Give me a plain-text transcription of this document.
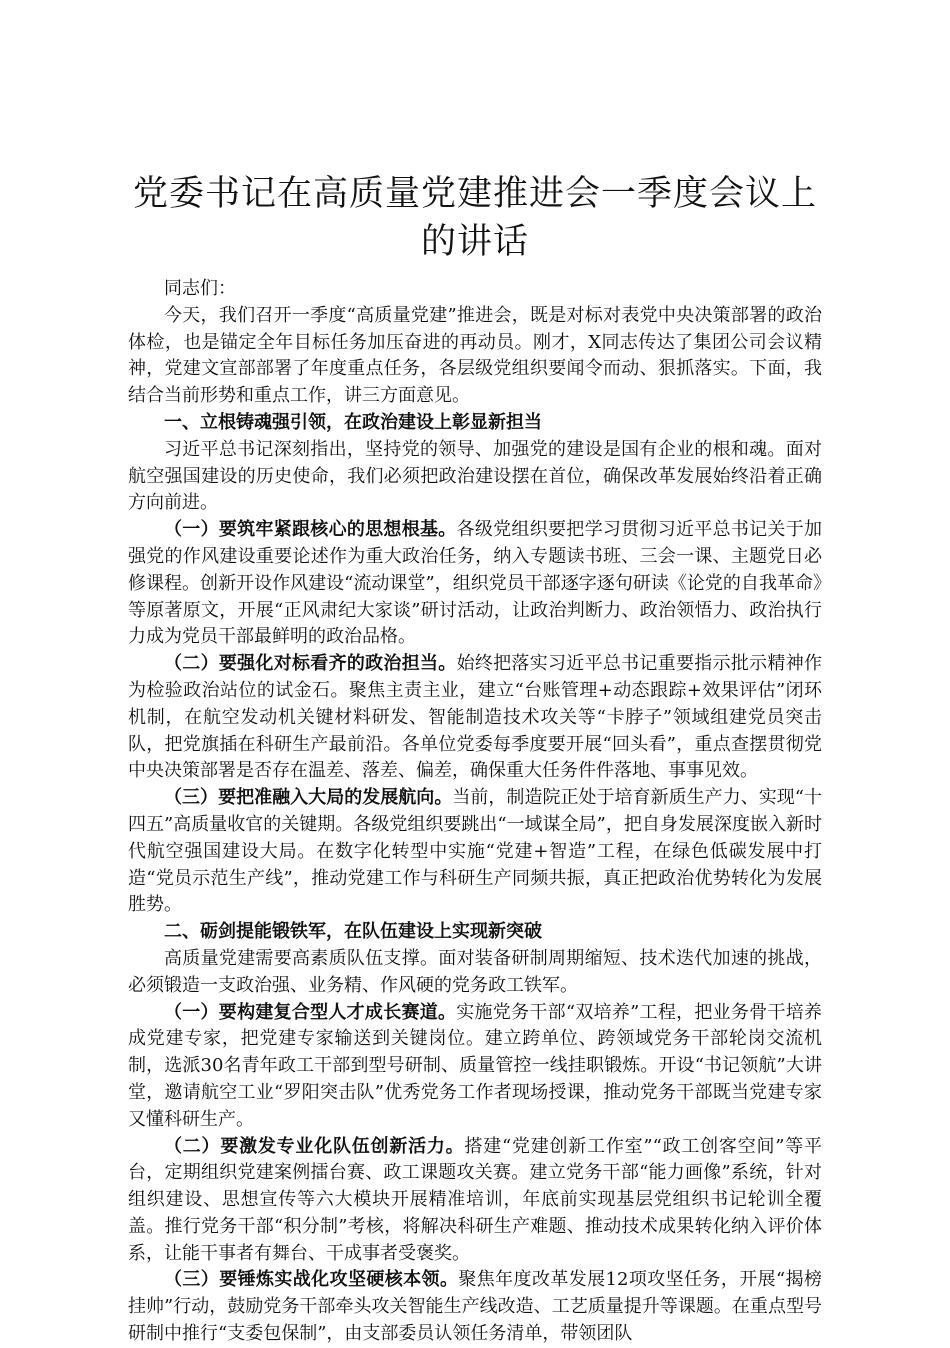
党委书记在高质量党建推进会一季度会议上的讲话

同志们：

今天，我们召开一季度“高质量党建”推进会，既是对标对表党中央决策部署的政治体检，也是锚定全年目标任务加压奋进的再动员。刚才，X同志传达了集团公司会议精神，党建文宣部部署了年度重点任务，各层级党组织要闻令而动、狠抓落实。下面，我结合当前形势和重点工作，讲三方面意见。

一、立根铸魂强引领，在政治建设上彰显新担当

习近平总书记深刻指出，坚持党的领导、加强党的建设是国有企业的根和魂。面对航空强国建设的历史使命，我们必须把政治建设摆在首位，确保改革发展始终沿着正确方向前进。

（一）要筑牢紧跟核心的思想根基。各级党组织要把学习贯彻习近平总书记关于加强党的作风建设重要论述作为重大政治任务，纳入专题读书班、三会一课、主题党日必修课程。创新开设作风建设“流动课堂”，组织党员干部逐字逐句研读《论党的自我革命》等原著原文，开展“正风肃纪大家谈”研讨活动，让政治判断力、政治领悟力、政治执行力成为党员干部最鲜明的政治品格。

（二）要强化对标看齐的政治担当。始终把落实习近平总书记重要指示批示精神作为检验政治站位的试金石。聚焦主责主业，建立“台账管理+动态跟踪+效果评估”闭环机制，在航空发动机关键材料研发、智能制造技术攻关等“卡脖子”领域组建党员突击队，把党旗插在科研生产最前沿。各单位党委每季度要开展“回头看”，重点查摆贯彻党中央决策部署是否存在温差、落差、偏差，确保重大任务件件落地、事事见效。

（三）要把准融入大局的发展航向。当前，制造院正处于培育新质生产力、实现“十四五”高质量收官的关键期。各级党组织要跳出“一域谋全局”，把自身发展深度嵌入新时代航空强国建设大局。在数字化转型中实施“党建+智造”工程，在绿色低碳发展中打造“党员示范生产线”，推动党建工作与科研生产同频共振，真正把政治优势转化为发展胜势。

二、砺剑提能锻铁军，在队伍建设上实现新突破

高质量党建需要高素质队伍支撑。面对装备研制周期缩短、技术迭代加速的挑战，必须锻造一支政治强、业务精、作风硬的党务政工铁军。

（一）要构建复合型人才成长赛道。实施党务干部“双培养”工程，把业务骨干培养成党建专家，把党建专家输送到关键岗位。建立跨单位、跨领域党务干部轮岗交流机制，选派30名青年政工干部到型号研制、质量管控一线挂职锻炼。开设“书记领航”大讲堂，邀请航空工业“罗阳突击队”优秀党务工作者现场授课，推动党务干部既当党建专家又懂科研生产。

（二）要激发专业化队伍创新活力。搭建“党建创新工作室”“政工创客空间”等平台，定期组织党建案例擂台赛、政工课题攻关赛。建立党务干部“能力画像”系统，针对组织建设、思想宣传等六大模块开展精准培训，年底前实现基层党组织书记轮训全覆盖。推行党务干部“积分制”考核，将解决科研生产难题、推动技术成果转化纳入评价体系，让能干事者有舞台、干成事者受褒奖。

（三）要锤炼实战化攻坚硬核本领。聚焦年度改革发展12项攻坚任务，开展“揭榜挂帅”行动，鼓励党务干部牵头攻关智能生产线改造、工艺质量提升等课题。在重点型号研制中推行“支委包保制”，由支部委员认领任务清单，带领团队
